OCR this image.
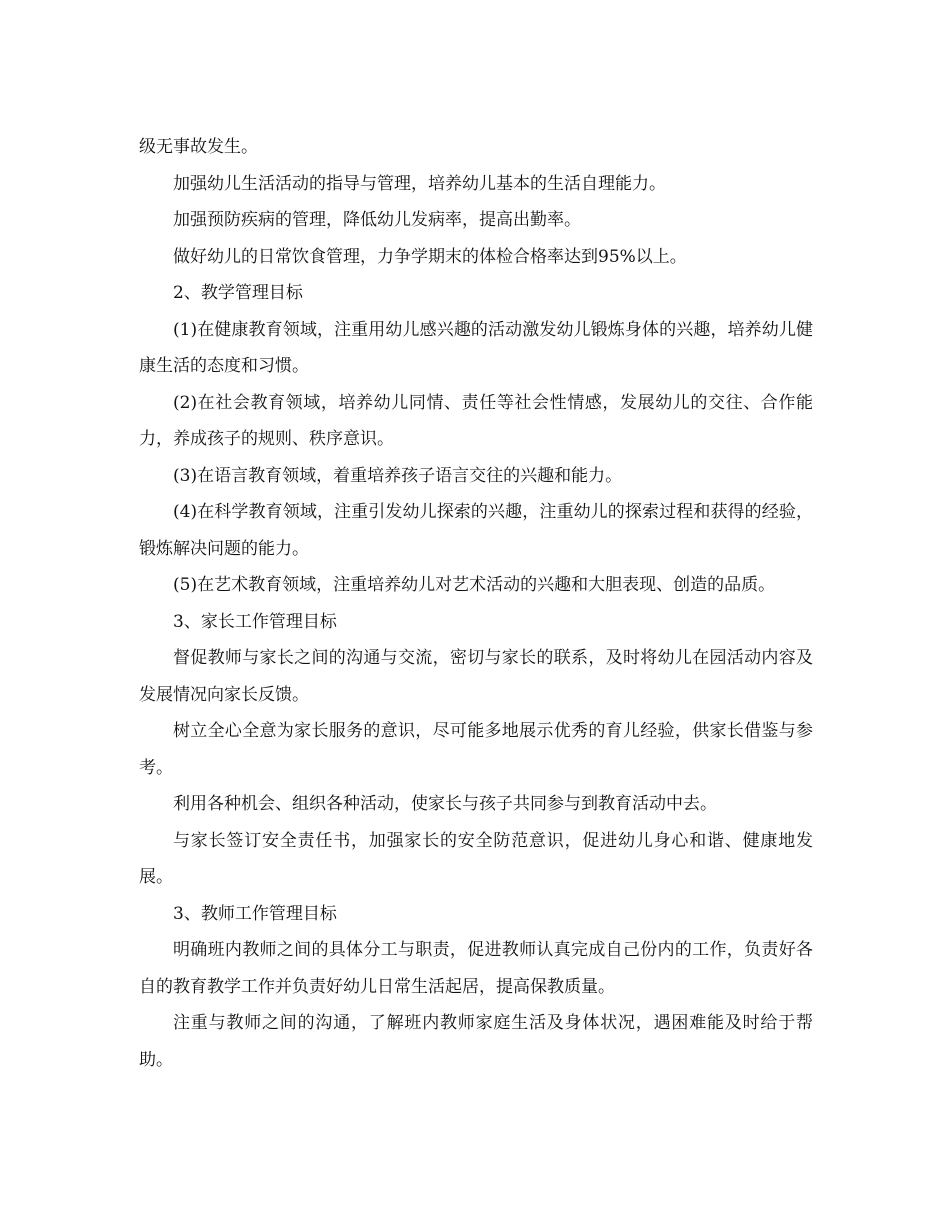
级无事故发生。

加强幼儿生活活动的指导与管理，培养幼儿基本的生活自理能力。

加强预防疾病的管理，降低幼儿发病率，提高出勤率。

做好幼儿的日常饮食管理，力争学期末的体检合格率达到95%以上。

2、教学管理目标

(1)在健康教育领域，注重用幼儿感兴趣的活动激发幼儿锻炼身体的兴趣，培养幼儿健康生活的态度和习惯。

(2)在社会教育领域，培养幼儿同情、责任等社会性情感，发展幼儿的交往、合作能力，养成孩子的规则、秩序意识。

(3)在语言教育领域，着重培养孩子语言交往的兴趣和能力。

(4)在科学教育领域，注重引发幼儿探索的兴趣，注重幼儿的探索过程和获得的经验，锻炼解决问题的能力。

(5)在艺术教育领域，注重培养幼儿对艺术活动的兴趣和大胆表现、创造的品质。

3、家长工作管理目标

督促教师与家长之间的沟通与交流，密切与家长的联系，及时将幼儿在园活动内容及发展情况向家长反馈。

树立全心全意为家长服务的意识，尽可能多地展示优秀的育儿经验，供家长借鉴与参考。

利用各种机会、组织各种活动，使家长与孩子共同参与到教育活动中去。

与家长签订安全责任书，加强家长的安全防范意识，促进幼儿身心和谐、健康地发展。

3、教师工作管理目标

明确班内教师之间的具体分工与职责，促进教师认真完成自己份内的工作，负责好各自的教育教学工作并负责好幼儿日常生活起居，提高保教质量。

注重与教师之间的沟通，了解班内教师家庭生活及身体状况，遇困难能及时给于帮助。
